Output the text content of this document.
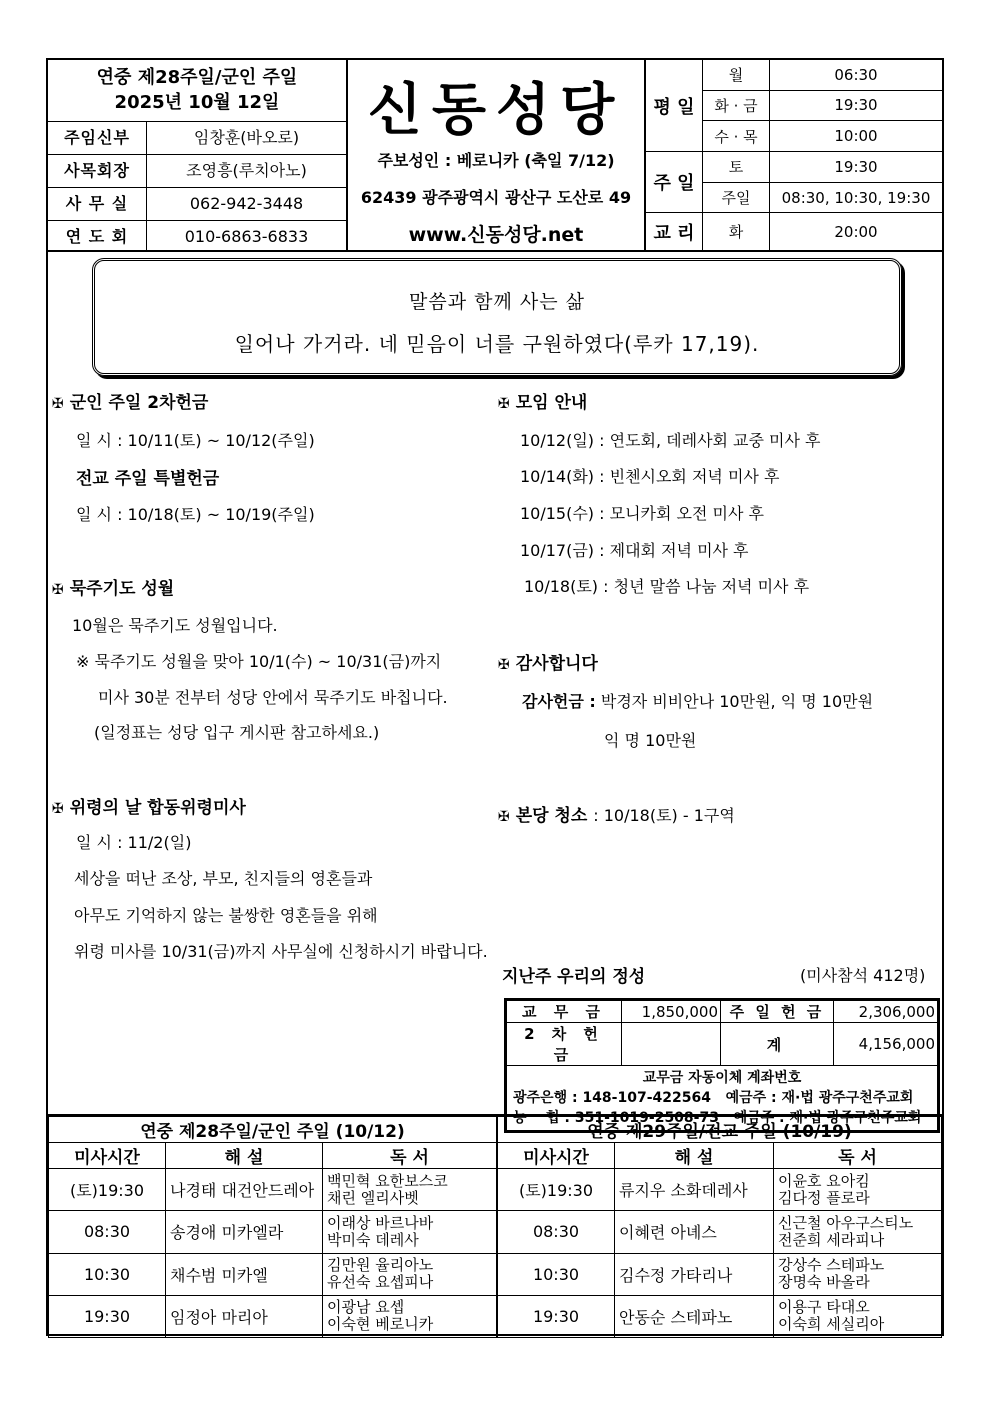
연중 제28주일/군인 주일
2025년 10월 12일
주임신부	임창훈(바오로)
사목회장	조영흥(루치아노)
사 무 실	062-942-3448
연 도 회	010-6863-6833
신동성당
주보성인 : 베로니카 (축일 7/12)
62439 광주광역시 광산구 도산로 49
www.신동성당.net
평 일	월	06:30
	화 · 금	19:30
	수 · 목	10:00
주 일	토	19:30
	주일	08:30, 10:30, 19:30
교 리	화	20:00
말씀과 함께 사는 삶
일어나 가거라. 네 믿음이 너를 구원하였다(루카 17,19).
✠ 군인 주일 2차헌금
일 시 : 10/11(토) ~ 10/12(주일)
전교 주일 특별헌금
일 시 : 10/18(토) ~ 10/19(주일)
✠ 묵주기도 성월
10월은 묵주기도 성월입니다.
※ 묵주기도 성월을 맞아 10/1(수) ~ 10/31(금)까지
미사 30분 전부터 성당 안에서 묵주기도 바칩니다.
(일정표는 성당 입구 게시판 참고하세요.)
✠ 위령의 날 합동위령미사
일 시 : 11/2(일)
세상을 떠난 조상, 부모, 친지들의 영혼들과
아무도 기억하지 않는 불쌍한 영혼들을 위해
위령 미사를 10/31(금)까지 사무실에 신청하시기 바랍니다.
✠ 모임 안내
10/12(일) : 연도회, 데레사회 교중 미사 후
10/14(화) : 빈첸시오회 저녁 미사 후
10/15(수) : 모니카회 오전 미사 후
10/17(금) : 제대회 저녁 미사 후
10/18(토) : 청년 말씀 나눔 저녁 미사 후
✠ 감사합니다
감사헌금 : 박경자 비비안나 10만원, 익 명 10만원
익 명 10만원
✠ 본당 청소 : 10/18(토) - 1구역
지난주 우리의 정성	(미사참석 412명)
교 무 금	1,850,000	주 일 헌 금	2,306,000
2 차 헌 금		계	4,156,000

교무금 자동이체 계좌번호
광주은행 : 148-107-422564   예금주 : 재·법 광주구천주교회
농    협 : 351-1019-2508-73   예금주 : 재·법 광주구천주교회			
연중 제28주일/군인 주일 (10/12)		
미사시간	해 설	독 서
(토)19:30	나경태 대건안드레아	백민혁 요한보스코
채린 엘리사벳

08:30	송경애 미카엘라	이래상 바르나바
박미숙 데레사

10:30	채수범 미카엘	김만원 율리아노
유선숙 요셉피나

19:30	임정아 마리아	이광남 요셉
이숙현 베로니카
연중 제29주일/전교 주일 (10/19)		
미사시간	해 설	독 서
(토)19:30	류지우 소화데레사	이윤호 요아킴
김다정 플로라

08:30	이혜련 아녜스	신근철 아우구스티노
전준희 세라피나

10:30	김수정 가타리나	강상수 스테파노
장명숙 바올라

19:30	안동순 스테파노	이용구 타대오
이숙희 세실리아
